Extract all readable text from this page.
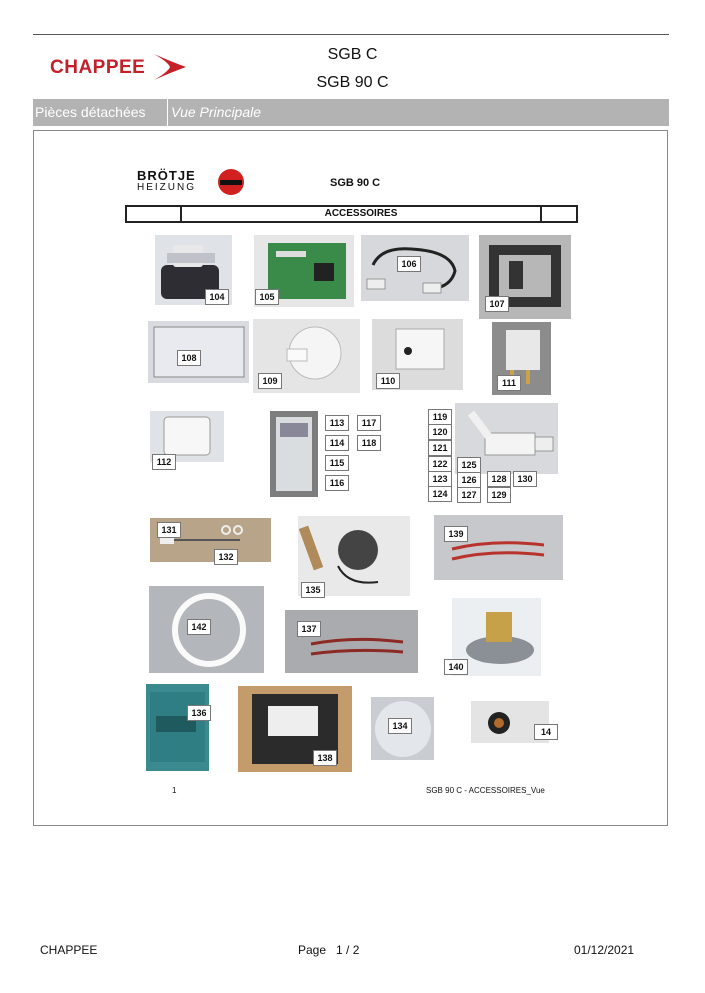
CHAPPEE
SGB C
SGB 90 C
Pièces détachées	Vue Principale
BRÖTJE
HEIZUNG	SGB 90 C
ACCESSOIRES
104	105
106
107
108
109	110	111
112
113
114
115
116
117
118
119
120
121
122
123
124
125
126
127
128
129
130
131
132
135
139
142	137
140
136
138
134
14
1	SGB 90 C - ACCESSOIRES_Vue
CHAPPEE	Page 1 / 2	01/12/2021
